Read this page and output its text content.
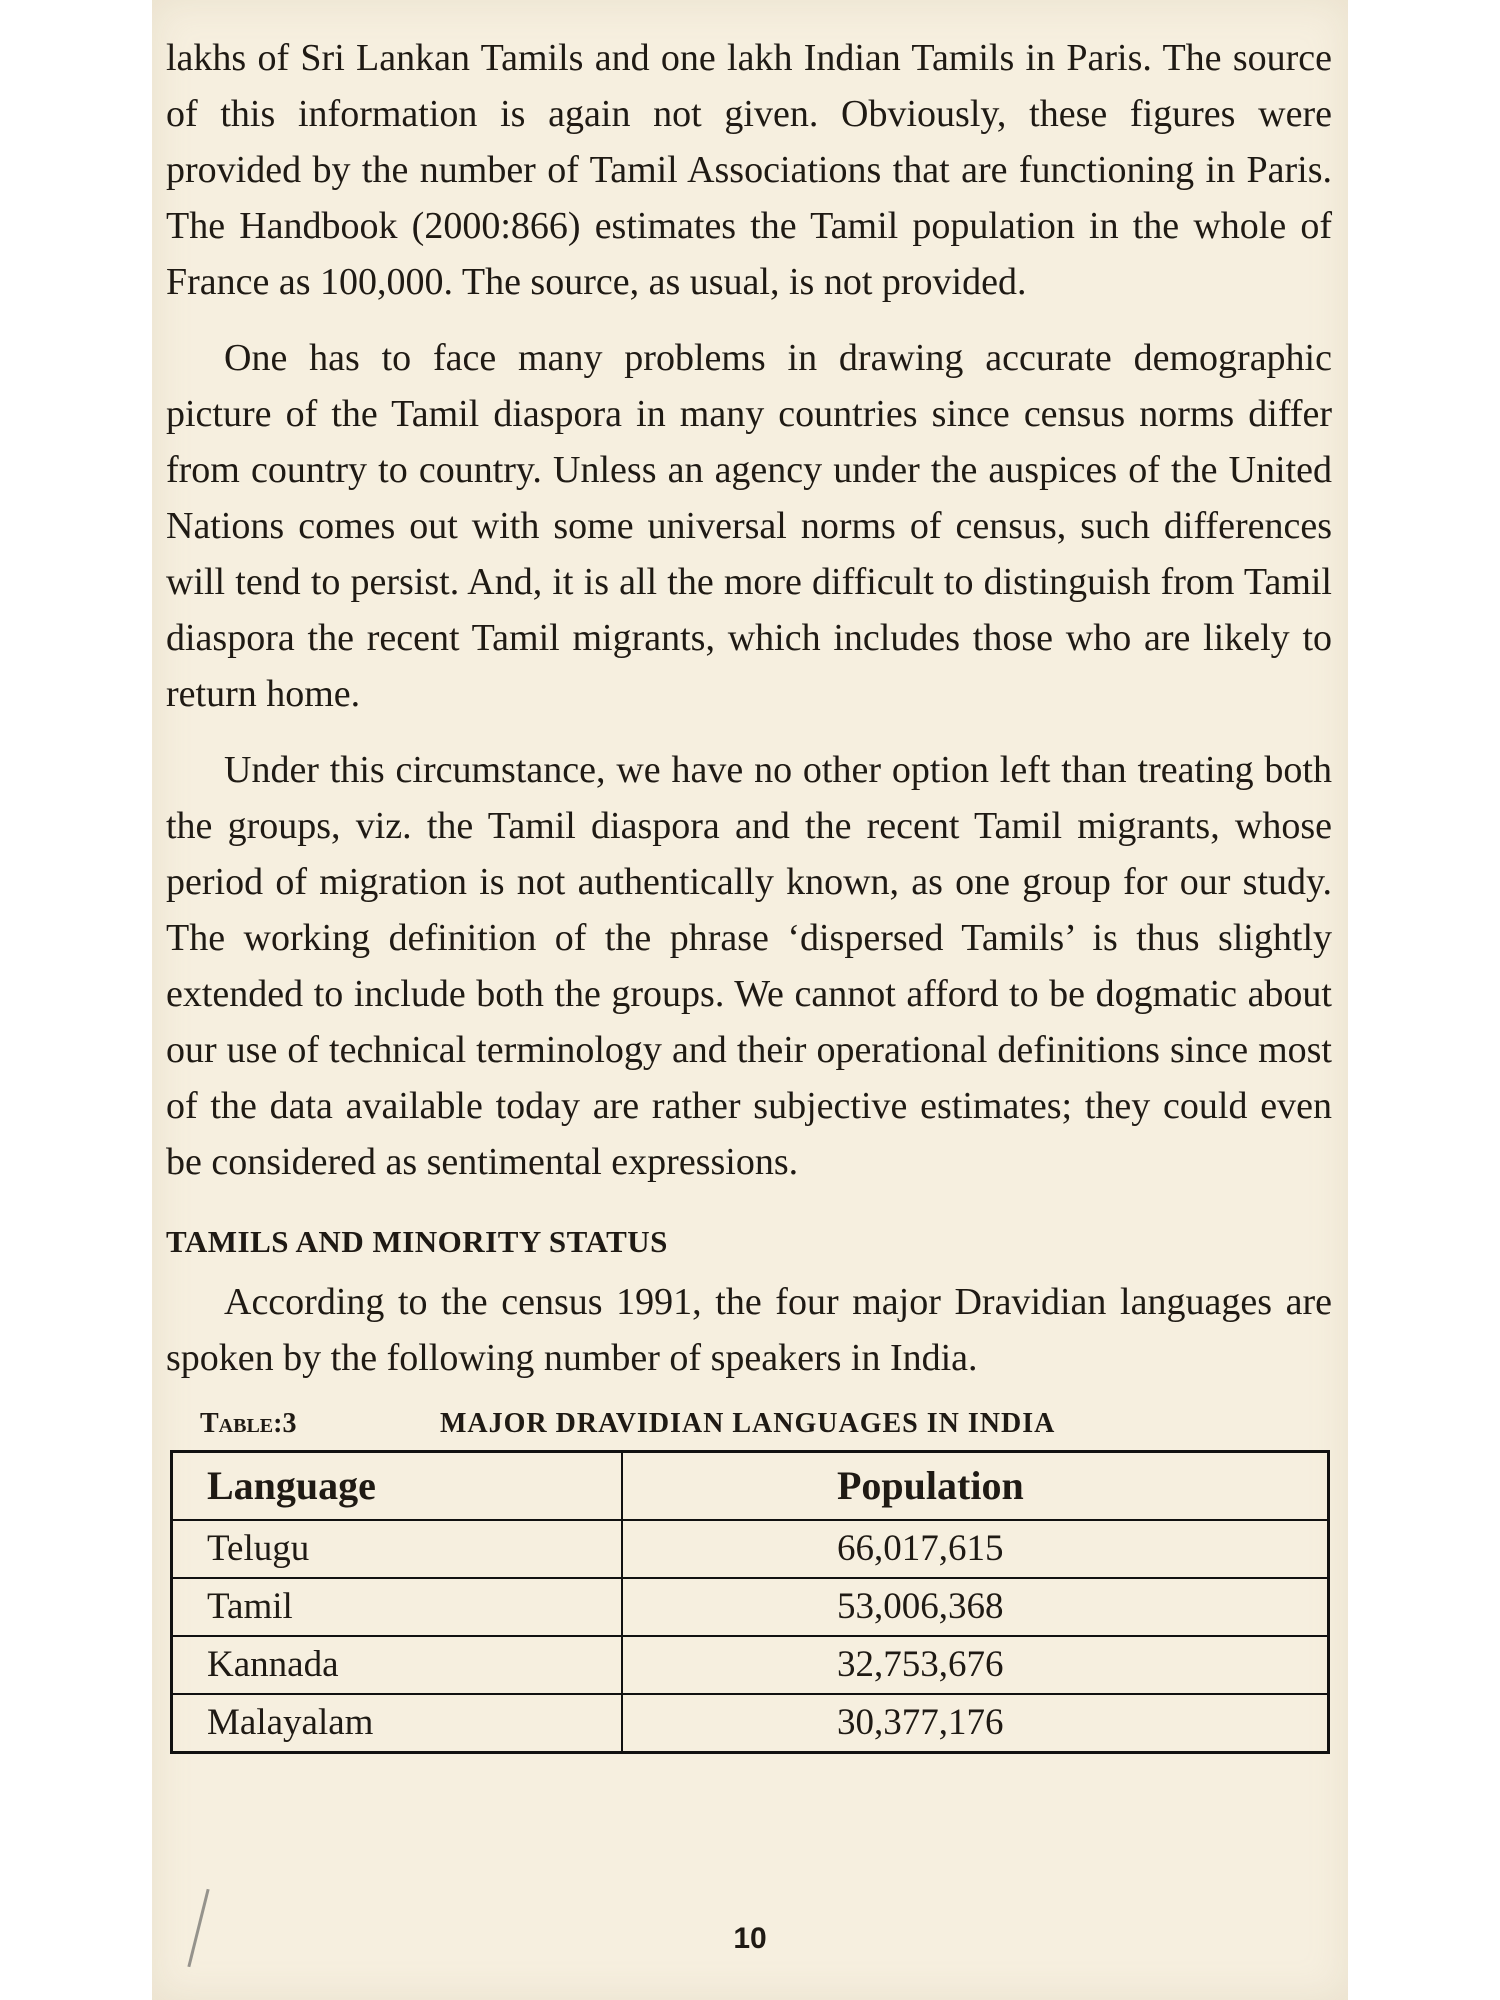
lakhs of Sri Lankan Tamils and one lakh Indian Tamils in Paris. The source of this information is again not given. Obviously, these figures were provided by the number of Tamil Associations that are functioning in Paris. The Handbook (2000:866) estimates the Tamil population in the whole of France as 100,000. The source, as usual, is not provided.

One has to face many problems in drawing accurate demographic picture of the Tamil diaspora in many countries since census norms differ from country to country. Unless an agency under the auspices of the United Nations comes out with some universal norms of census, such differences will tend to persist. And, it is all the more difficult to distinguish from Tamil diaspora the recent Tamil migrants, which includes those who are likely to return home.

Under this circumstance, we have no other option left than treating both the groups, viz. the Tamil diaspora and the recent Tamil migrants, whose period of migration is not authentically known, as one group for our study. The working definition of the phrase ‘dispersed Tamils’ is thus slightly extended to include both the groups. We cannot afford to be dogmatic about our use of technical terminology and their operational definitions since most of the data available today are rather subjective estimates; they could even be considered as sentimental expressions.

TAMILS AND MINORITY STATUS

According to the census 1991, the four major Dravidian languages are spoken by the following number of speakers in India.

Table:3	MAJOR DRAVIDIAN LANGUAGES IN INDIA
Language	Population
Telugu	66,017,615
Tamil	53,006,368
Kannada	32,753,676
Malayalam	30,377,176
10
